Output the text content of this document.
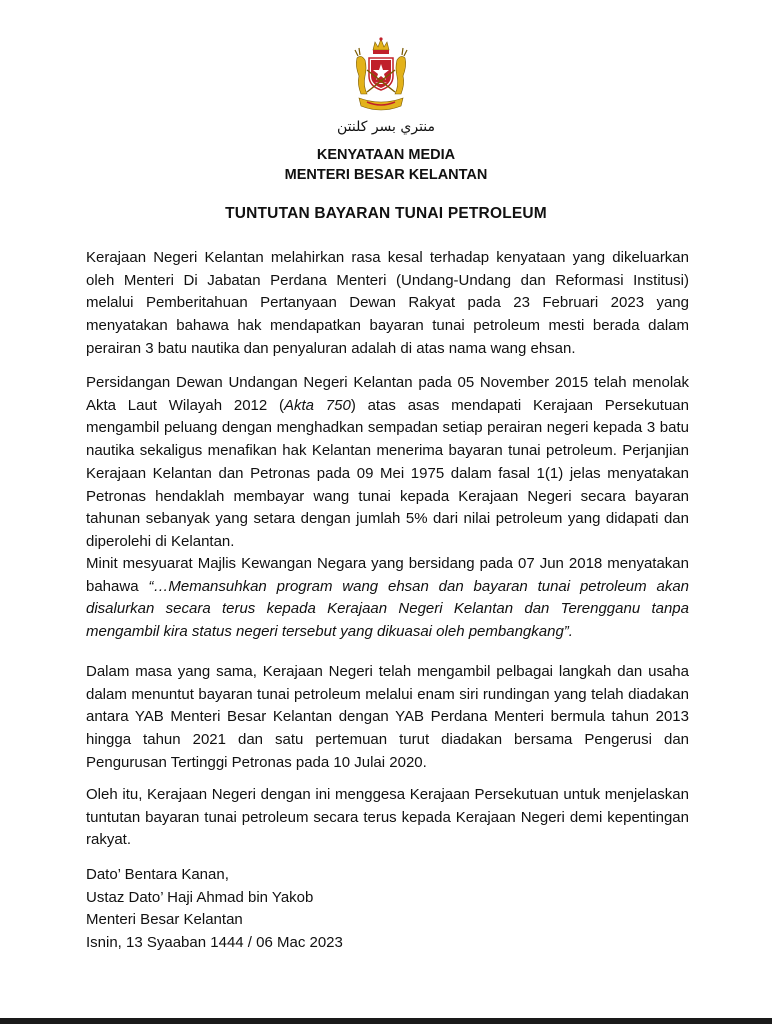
منتري بسر كلنتن
KENYATAAN MEDIA
MENTERI BESAR KELANTAN
TUNTUTAN BAYARAN TUNAI PETROLEUM
Kerajaan Negeri Kelantan melahirkan rasa kesal terhadap kenyataan yang dikeluarkan oleh Menteri Di Jabatan Perdana Menteri (Undang-Undang dan Reformasi Institusi) melalui Pemberitahuan Pertanyaan Dewan Rakyat pada 23 Februari 2023 yang menyatakan bahawa hak mendapatkan bayaran tunai petroleum mesti berada dalam perairan 3 batu nautika dan penyaluran adalah di atas nama wang ehsan.
Persidangan Dewan Undangan Negeri Kelantan pada 05 November 2015 telah menolak Akta Laut Wilayah 2012 (Akta 750) atas asas mendapati Kerajaan Persekutuan mengambil peluang dengan menghadkan sempadan setiap perairan negeri kepada 3 batu nautika sekaligus menafikan hak Kelantan menerima bayaran tunai petroleum. Perjanjian Kerajaan Kelantan dan Petronas pada 09 Mei 1975 dalam fasal 1(1) jelas menyatakan Petronas hendaklah membayar wang tunai kepada Kerajaan Negeri secara bayaran tahunan sebanyak yang setara dengan jumlah 5% dari nilai petroleum yang didapati dan diperolehi di Kelantan.
Minit mesyuarat Majlis Kewangan Negara yang bersidang pada 07 Jun 2018 menyatakan bahawa “…Memansuhkan program wang ehsan dan bayaran tunai petroleum akan disalurkan secara terus kepada Kerajaan Negeri Kelantan dan Terengganu tanpa mengambil kira status negeri tersebut yang dikuasai oleh pembangkang”.
Dalam masa yang sama, Kerajaan Negeri telah mengambil pelbagai langkah dan usaha dalam menuntut bayaran tunai petroleum melalui enam siri rundingan yang telah diadakan antara YAB Menteri Besar Kelantan dengan YAB Perdana Menteri bermula tahun 2013 hingga tahun 2021 dan satu pertemuan turut diadakan bersama Pengerusi dan Pengurusan Tertinggi Petronas pada 10 Julai 2020.
Oleh itu, Kerajaan Negeri dengan ini menggesa Kerajaan Persekutuan untuk menjelaskan tuntutan bayaran tunai petroleum secara terus kepada Kerajaan Negeri demi kepentingan rakyat.
Dato’ Bentara Kanan,
Ustaz Dato’ Haji Ahmad bin Yakob
Menteri Besar Kelantan
Isnin, 13 Syaaban 1444 / 06 Mac 2023
